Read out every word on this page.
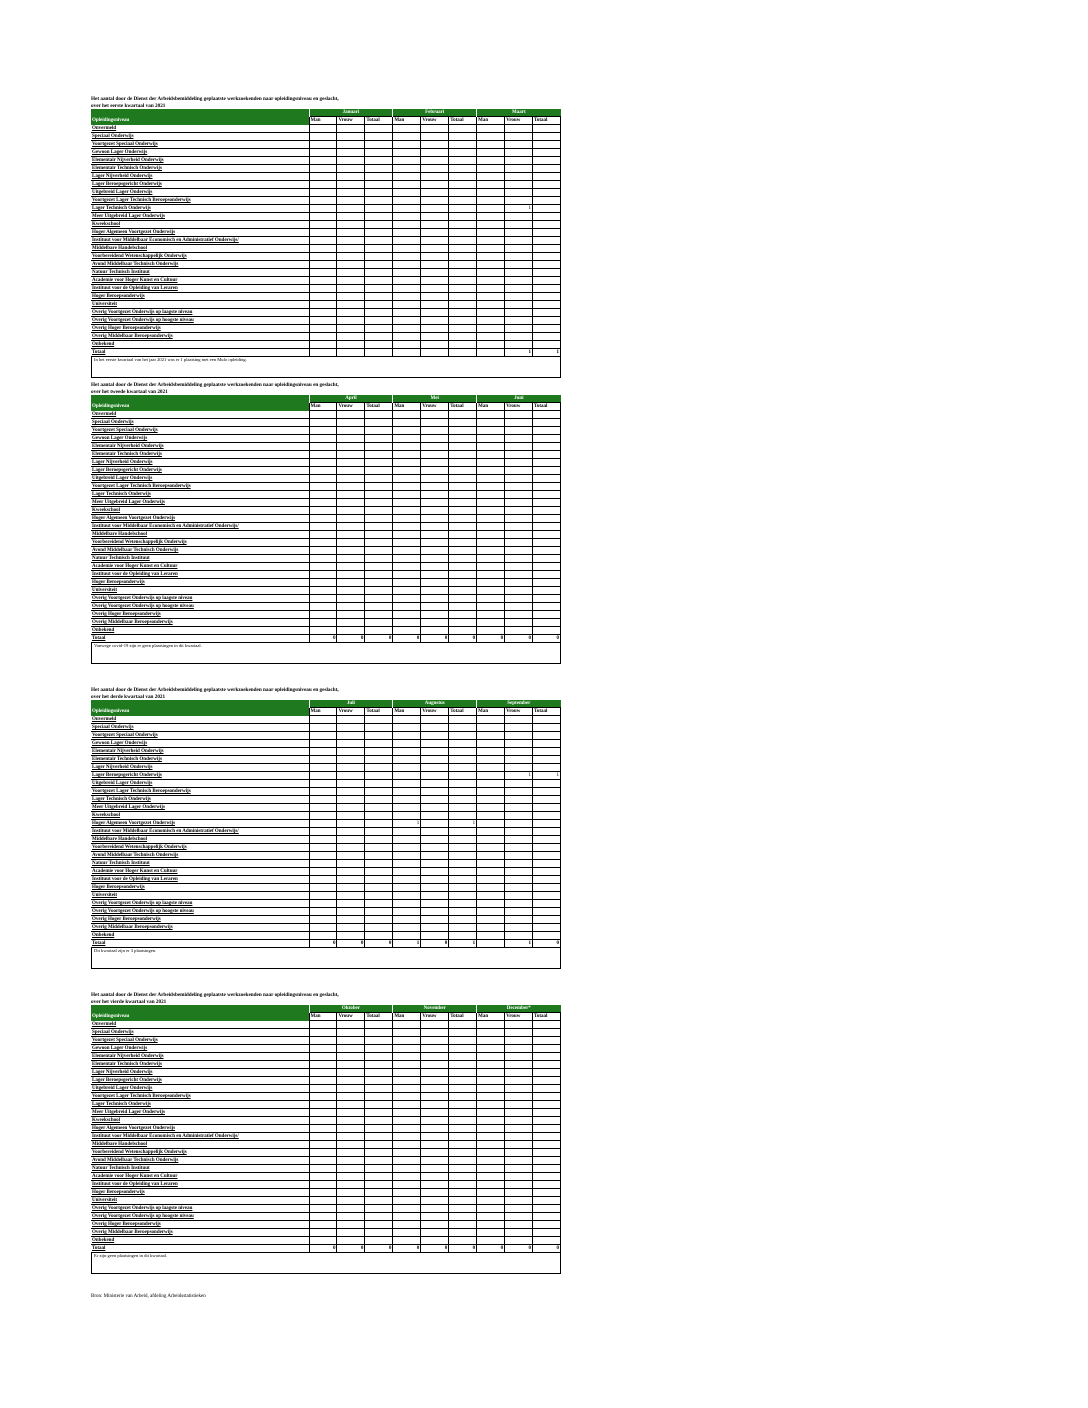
Het aantal door de Dienst der Arbeidsbemiddeling geplaatste werkzoekenden naar opleidingsniveau en geslacht,
over het eerste kwartaal van 2021
	Januari			Februari			Maart		
Opleidingsniveau	Man	Vrouw	Totaal	Man	Vrouw	Totaal	Man	Vrouw	Totaal
Onvermeld									
Speciaal Onderwijs									
Voortgezet Speciaal Onderwijs									
Gewoon Lager Onderwijs									
Elementair Nijverheid Onderwijs									
Elementair Technisch Onderwijs									
Lager Nijverheid Onderwijs									
Lager Beroepsgericht Onderwijs									
Uitgebreid Lager Onderwijs									
Voortgezet Lager Technisch Beroepsonderwijs									
Lager Technisch Onderwijs								1	
Meer Uitgebreid Lager Onderwijs									
Kweekschool									
Hoger Algemeen Voortgezet Onderwijs									
Instituut voor Middelbaar Economisch en Administratief Onderwijs/									
Middelbare Handelschool									
Voorbereidend Wetenschappelijk Onderwijs									
Avond Middelbaar Technisch Onderwijs									
Natuur Technisch Instituut									
Academie voor Hoger Kunst en Cultuur									
Instituut voor de Opleiding van Leraren									
Hoger Beroepsonderwijs									
Universiteit									
Overig Voortgezet Onderwijs op laagste niveau									
Overig Voortgezet Onderwijs op hoogste niveau									
Overig Hoger Beroepsonderwijs									
Overig Middelbaar Beroepsonderwijs									
Onbekend									
Totaal								1	1
In het eerste kwartaal van het jaar 2021 was er 1 plaatsing met een Mulo opleiding.
Het aantal door de Dienst der Arbeidsbemiddeling geplaatste werkzoekenden naar opleidingsniveau en geslacht,
over het tweede kwartaal van 2021
	April			Mei			Juni		
Opleidingsniveau	Man	Vrouw	Totaal	Man	Vrouw	Totaal	Man	Vrouw	Totaal
Onvermeld									
Speciaal Onderwijs									
Voortgezet Speciaal Onderwijs									
Gewoon Lager Onderwijs									
Elementair Nijverheid Onderwijs									
Elementair Technisch Onderwijs									
Lager Nijverheid Onderwijs									
Lager Beroepsgericht Onderwijs									
Uitgebreid Lager Onderwijs									
Voortgezet Lager Technisch Beroepsonderwijs									
Lager Technisch Onderwijs									
Meer Uitgebreid Lager Onderwijs									
Kweekschool									
Hoger Algemeen Voortgezet Onderwijs									
Instituut voor Middelbaar Economisch en Administratief Onderwijs/									
Middelbare Handelschool									
Voorbereidend Wetenschappelijk Onderwijs									
Avond Middelbaar Technisch Onderwijs									
Natuur Technisch Instituut									
Academie voor Hoger Kunst en Cultuur									
Instituut voor de Opleiding van Leraren									
Hoger Beroepsonderwijs									
Universiteit									
Overig Voortgezet Onderwijs op laagste niveau									
Overig Voortgezet Onderwijs op hoogste niveau									
Overig Hoger Beroepsonderwijs									
Overig Middelbaar Beroepsonderwijs									
Onbekend									
Totaal	0	0	0	0	0	0	0	0	0
Vanwege covid-19 zijn er geen plaatsingen in dit kwartaal.
Het aantal door de Dienst der Arbeidsbemiddeling geplaatste werkzoekenden naar opleidingsniveau en geslacht,
over het derde kwartaal van 2021
	Juli			Augustus			September		
Opleidingsniveau	Man	Vrouw	Totaal	Man	Vrouw	Totaal	Man	Vrouw	Totaal
Onvermeld									
Speciaal Onderwijs									
Voortgezet Speciaal Onderwijs									
Gewoon Lager Onderwijs									
Elementair Nijverheid Onderwijs									
Elementair Technisch Onderwijs									
Lager Nijverheid Onderwijs									
Lager Beroepsgericht Onderwijs								1	1
Uitgebreid Lager Onderwijs									
Voortgezet Lager Technisch Beroepsonderwijs									
Lager Technisch Onderwijs									
Meer Uitgebreid Lager Onderwijs									
Kweekschool									
Hoger Algemeen Voortgezet Onderwijs				1		1			
Instituut voor Middelbaar Economisch en Administratief Onderwijs/									
Middelbare Handelschool									
Voorbereidend Wetenschappelijk Onderwijs									
Avond Middelbaar Technisch Onderwijs									
Natuur Technisch Instituut									
Academie voor Hoger Kunst en Cultuur									
Instituut voor de Opleiding van Leraren									
Hoger Beroepsonderwijs									
Universiteit									
Overig Voortgezet Onderwijs op laagste niveau									
Overig Voortgezet Onderwijs op hoogste niveau									
Overig Hoger Beroepsonderwijs									
Overig Middelbaar Beroepsonderwijs									
Onbekend									
Totaal	0	0	0	1	0	1		1	0
Dit kwartaal zijn er 3 plaatsingen.
Het aantal door de Dienst der Arbeidsbemiddeling geplaatste werkzoekenden naar opleidingsniveau en geslacht,
over het vierde kwartaal van 2021
	Oktober			November			December*		
Opleidingsniveau	Man	Vrouw	Totaal	Man	Vrouw	Totaal	Man	Vrouw	Totaal
Onvermeld									
Speciaal Onderwijs									
Voortgezet Speciaal Onderwijs									
Gewoon Lager Onderwijs									
Elementair Nijverheid Onderwijs									
Elementair Technisch Onderwijs									
Lager Nijverheid Onderwijs									
Lager Beroepsgericht Onderwijs									
Uitgebreid Lager Onderwijs									
Voortgezet Lager Technisch Beroepsonderwijs									
Lager Technisch Onderwijs									
Meer Uitgebreid Lager Onderwijs									
Kweekschool									
Hoger Algemeen Voortgezet Onderwijs									
Instituut voor Middelbaar Economisch en Administratief Onderwijs/									
Middelbare Handelschool									
Voorbereidend Wetenschappelijk Onderwijs									
Avond Middelbaar Technisch Onderwijs									
Natuur Technisch Instituut									
Academie voor Hoger Kunst en Cultuur									
Instituut voor de Opleiding van Leraren									
Hoger Beroepsonderwijs									
Universiteit									
Overig Voortgezet Onderwijs op laagste niveau									
Overig Voortgezet Onderwijs op hoogste niveau									
Overig Hoger Beroepsonderwijs									
Overig Middelbaar Beroepsonderwijs									
Onbekend									
Totaal	0	0	0	0	0	0	0	0	0
Er zijn geen plaatsingen in dit kwartaal.
Bron: Ministerie van Arbeid, afdeling Arbeidsstatistieken
